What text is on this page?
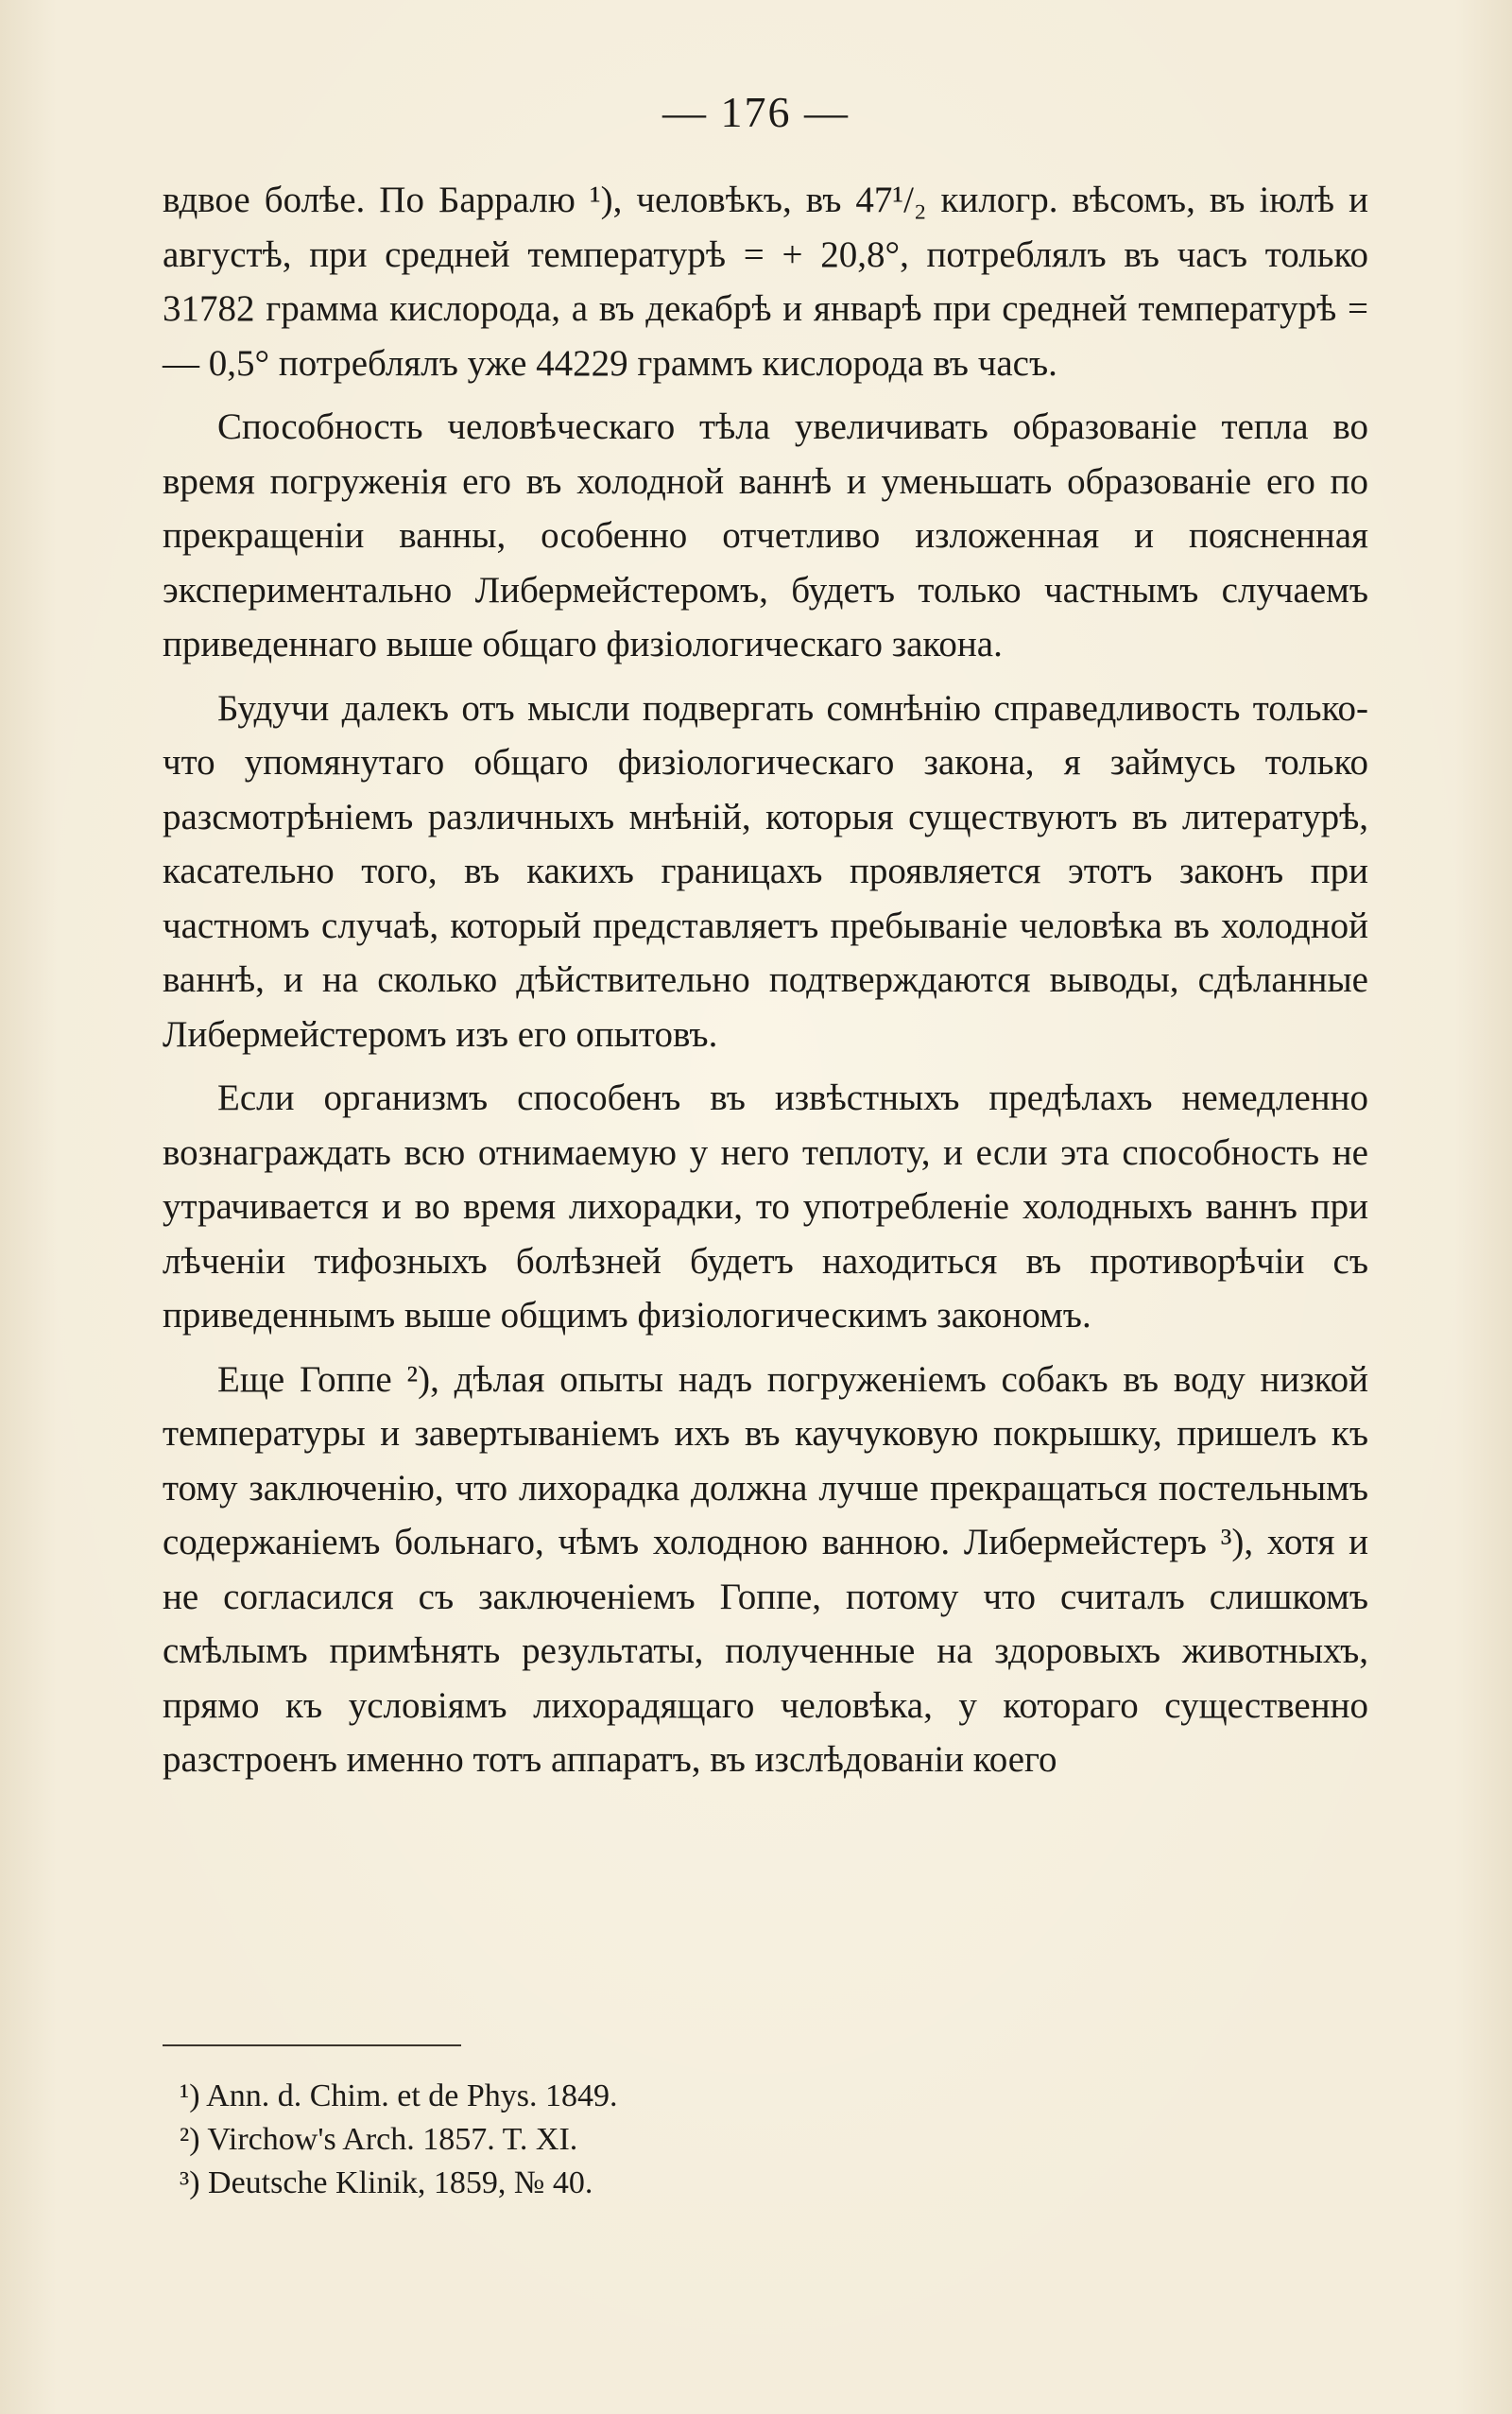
— 176 —

вдвое болѣе. По Барралю ¹), человѣкъ, въ 47¹/₂ килогр. вѣсомъ, въ iюлѣ и августѣ, при средней температурѣ = + 20,8°, потреблялъ въ часъ только 31782 грамма кислорода, а въ декабрѣ и январѣ при средней температурѣ = — 0,5° потреблялъ уже 44229 граммъ кислорода въ часъ.

Способность человѣческаго тѣла увеличивать образованiе тепла во время погруженiя его въ холодной ваннѣ и уменьшать образованiе его по прекращенiи ванны, особенно отчетливо изложенная и поясненная экспериментально Либермейстеромъ, будетъ только частнымъ случаемъ приведеннаго выше общаго физiологическаго закона.

Будучи далекъ отъ мысли подвергать сомнѣнiю справедливость только-что упомянутаго общаго физiологическаго закона, я займусь только разсмотрѣнiемъ различныхъ мнѣнiй, которыя существуютъ въ литературѣ, касательно того, въ какихъ границахъ проявляется этотъ законъ при частномъ случаѣ, который представляетъ пребыванiе человѣка въ холодной ваннѣ, и на сколько дѣйствительно подтверждаются выводы, сдѣланные Либермейстеромъ изъ его опытовъ.

Если организмъ способенъ въ извѣстныхъ предѣлахъ немедленно вознаграждать всю отнимаемую у него теплоту, и если эта способность не утрачивается и во время лихорадки, то употребленiе холодныхъ ваннъ при лѣченiи тифозныхъ болѣзней будетъ находиться въ противорѣчiи съ приведеннымъ выше общимъ физiологическимъ закономъ.

Еще Гоппе ²), дѣлая опыты надъ погруженiемъ собакъ въ воду низкой температуры и завертыванiемъ ихъ въ каучуковую покрышку, пришелъ къ тому заключенiю, что лихорадка должна лучше прекращаться постельнымъ содержанiемъ больнаго, чѣмъ холодною ванною. Либермейстеръ ³), хотя и не согласился съ заключенiемъ Гоппе, потому что считалъ слишкомъ смѣлымъ примѣнять результаты, полученные на здоровыхъ животныхъ, прямо къ условiямъ лихорадящаго человѣка, у котораго существенно разстроенъ именно тотъ аппаратъ, въ изслѣдованiи коего

¹) Ann. d. Chim. et de Phys. 1849.

²) Virchow's Arch. 1857. T. XI.

³) Deutsche Klinik, 1859, № 40.
